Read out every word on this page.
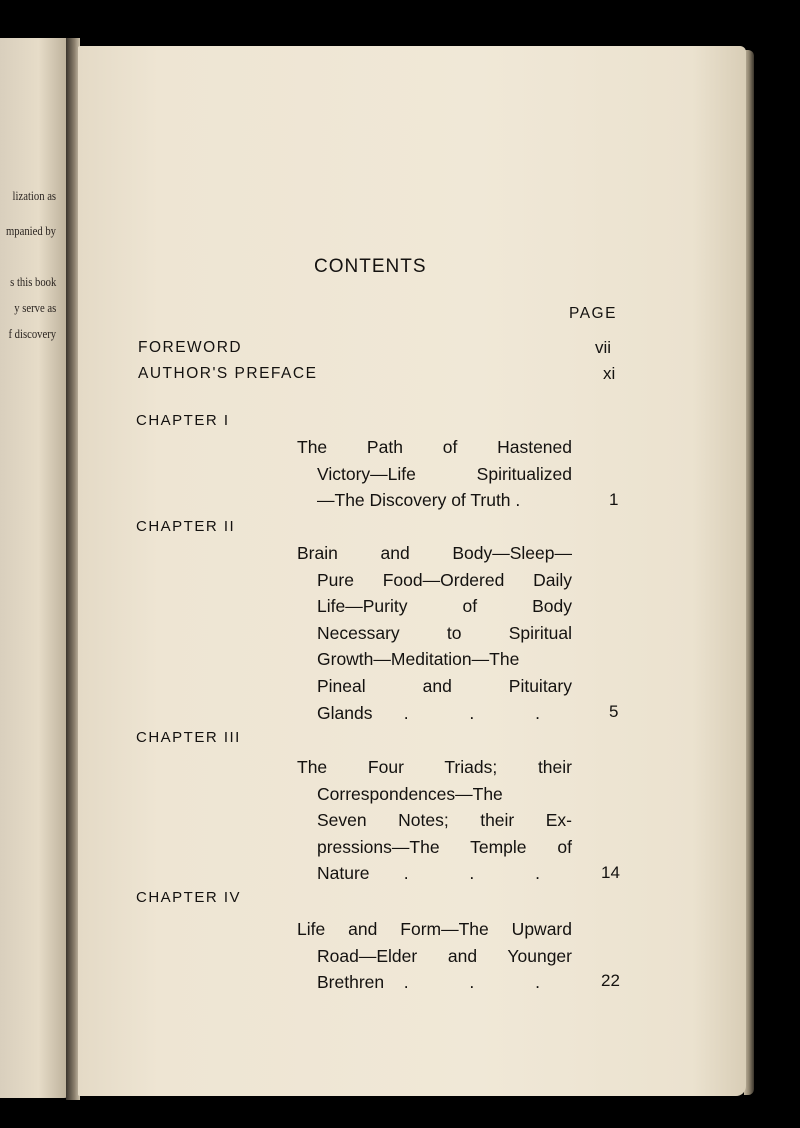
lization as
mpanied by
s this book
y serve as
f discovery
CONTENTS
PAGE
FOREWORD	vii
AUTHOR'S PREFACE	xi
CHAPTER I
The Path of Hastened
Victory—Life Spiritualized
—The Discovery of Truth .	1
CHAPTER II
Brain and Body—Sleep—
Pure Food—Ordered Daily
Life—Purity of Body
Necessary to Spiritual
Growth—Meditation—The
Pineal and Pituitary
Glands . . . 5
CHAPTER III
The Four Triads; their
Correspondences—The
Seven Notes; their Ex-
pressions—The Temple of
Nature . . . 14
CHAPTER IV
Life and Form—The Upward
Road—Elder and Younger
Brethren . . . 22
